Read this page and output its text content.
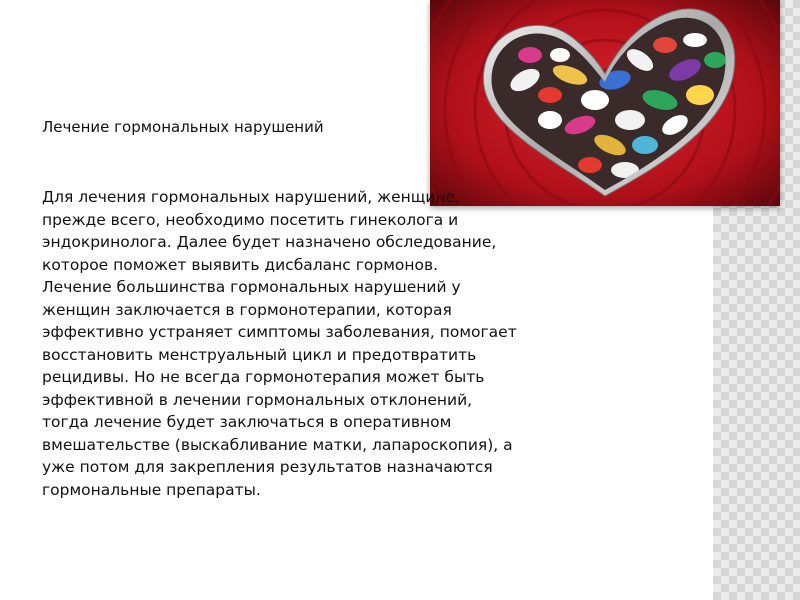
Лечение гормональных нарушений

Для лечения гормональных нарушений, женщине,
прежде всего, необходимо посетить гинеколога и
эндокринолога. Далее будет назначено обследование,
которое поможет выявить дисбаланс гормонов.
Лечение большинства гормональных нарушений у
женщин заключается в гормонотерапии, которая
эффективно устраняет симптомы заболевания, помогает
восстановить менструальный цикл и предотвратить
рецидивы. Но не всегда гормонотерапия может быть
эффективной в лечении гормональных отклонений,
тогда лечение будет заключаться в оперативном
вмешательстве (выскабливание матки, лапароскопия), а
уже потом для закрепления результатов назначаются
гормональные препараты.
